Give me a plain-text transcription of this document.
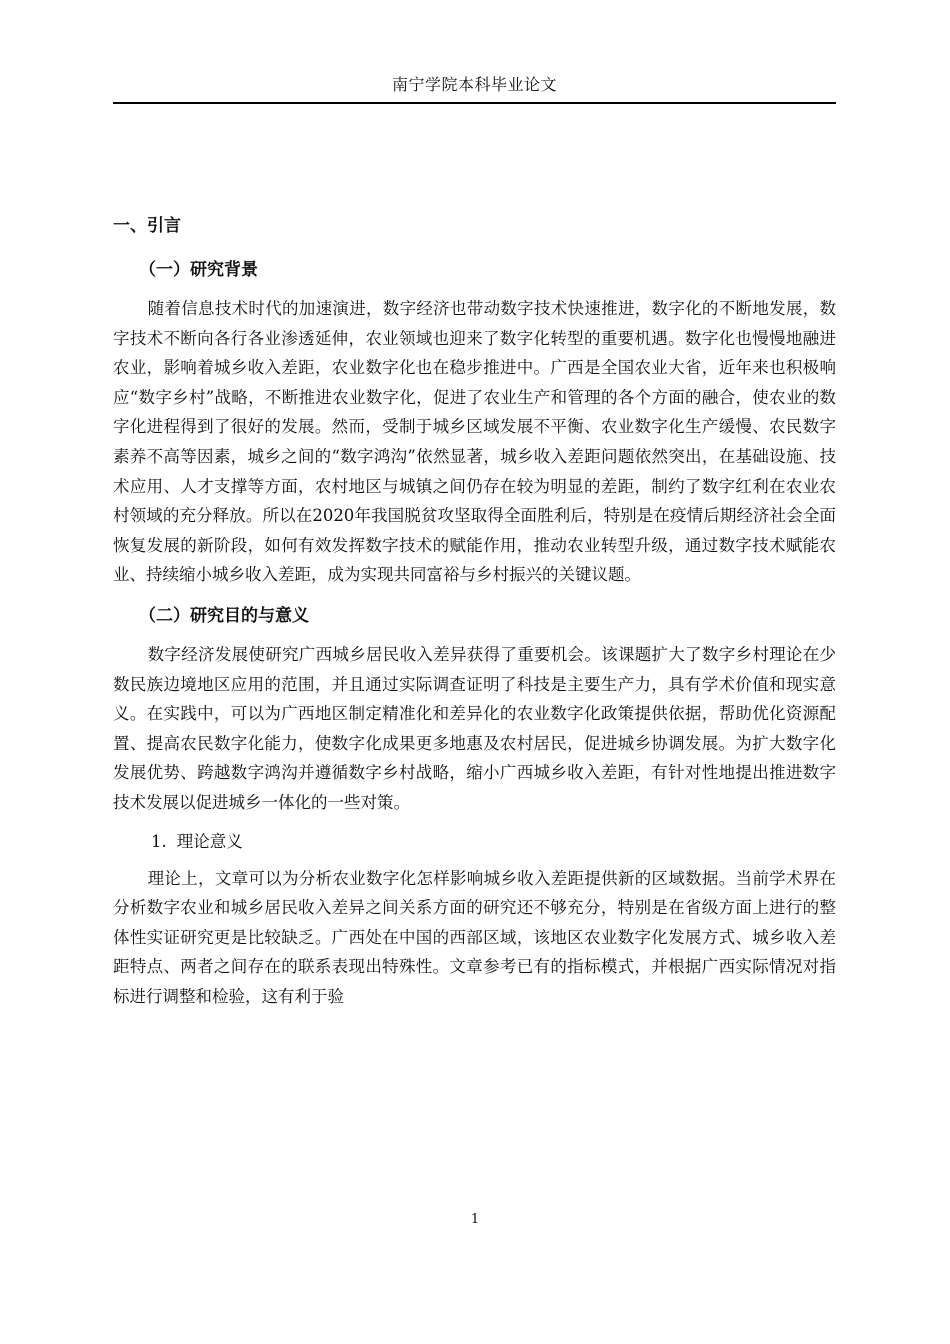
南宁学院本科毕业论文
一、引言
（一）研究背景

随着信息技术时代的加速演进，数字经济也带动数字技术快速推进，数字化的不断地发展，数字技术不断向各行各业渗透延伸，农业领域也迎来了数字化转型的重要机遇。数字化也慢慢地融进农业，影响着城乡收入差距，农业数字化也在稳步推进中。广西是全国农业大省，近年来也积极响应“数字乡村”战略，不断推进农业数字化，促进了农业生产和管理的各个方面的融合，使农业的数字化进程得到了很好的发展。然而，受制于城乡区域发展不平衡、农业数字化生产缓慢、农民数字素养不高等因素，城乡之间的“数字鸿沟”依然显著，城乡收入差距问题依然突出，在基础设施、技术应用、人才支撑等方面，农村地区与城镇之间仍存在较为明显的差距，制约了数字红利在农业农村领域的充分释放。所以在2020年我国脱贫攻坚取得全面胜利后，特别是在疫情后期经济社会全面恢复发展的新阶段，如何有效发挥数字技术的赋能作用，推动农业转型升级，通过数字技术赋能农业、持续缩小城乡收入差距，成为实现共同富裕与乡村振兴的关键议题。

（二）研究目的与意义

数字经济发展使研究广西城乡居民收入差异获得了重要机会。该课题扩大了数字乡村理论在少数民族边境地区应用的范围，并且通过实际调查证明了科技是主要生产力，具有学术价值和现实意义。在实践中，可以为广西地区制定精准化和差异化的农业数字化政策提供依据，帮助优化资源配置、提高农民数字化能力，使数字化成果更多地惠及农村居民，促进城乡协调发展。为扩大数字化发展优势、跨越数字鸿沟并遵循数字乡村战略，缩小广西城乡收入差距，有针对性地提出推进数字技术发展以促进城乡一体化的一些对策。

1. 理论意义

理论上，文章可以为分析农业数字化怎样影响城乡收入差距提供新的区域数据。当前学术界在分析数字农业和城乡居民收入差异之间关系方面的研究还不够充分，特别是在省级方面上进行的整体性实证研究更是比较缺乏。广西处在中国的西部区域，该地区农业数字化发展方式、城乡收入差距特点、两者之间存在的联系表现出特殊性。文章参考已有的指标模式，并根据广西实际情况对指标进行调整和检验，这有利于验

1
